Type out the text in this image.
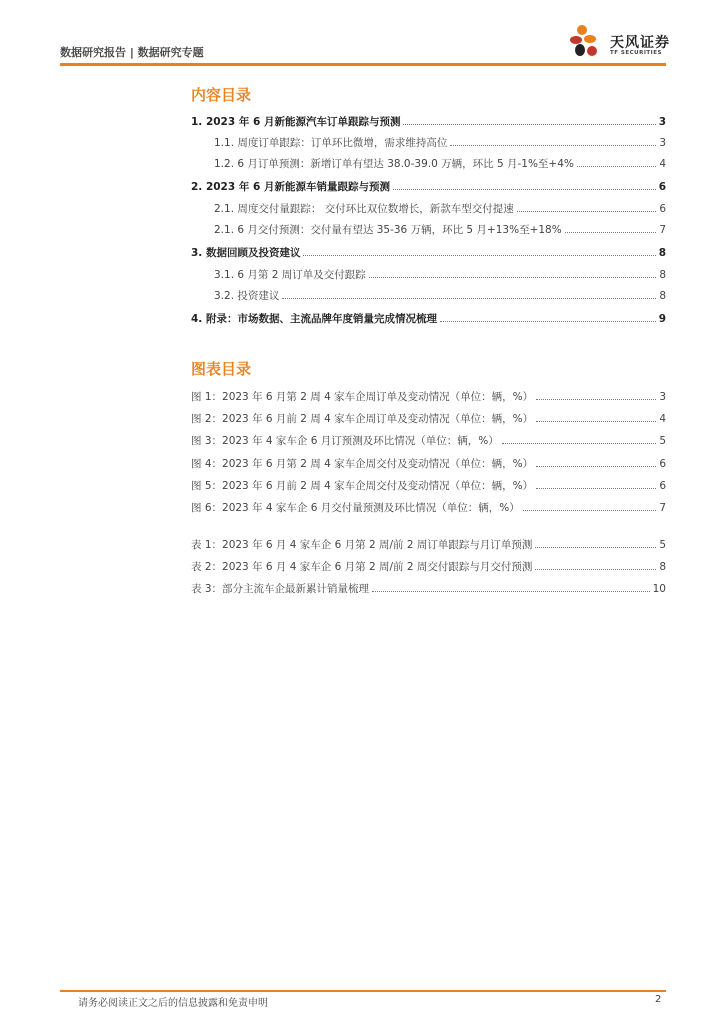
数据研究报告 | 数据研究专题
天风证券
TF SECURITIES
内容目录
1. 2023 年 6 月新能源汽车订单跟踪与预测	3
1.1. 周度订单跟踪：订单环比微增，需求维持高位	3
1.2. 6 月订单预测：新增订单有望达 38.0-39.0 万辆，环比 5 月-1%至+4%	4
2. 2023 年 6 月新能源车销量跟踪与预测	6
2.1. 周度交付量跟踪： 交付环比双位数增长，新款车型交付提速	6
2.1. 6 月交付预测：交付量有望达 35-36 万辆，环比 5 月+13%至+18%	7
3. 数据回顾及投资建议	8
3.1. 6 月第 2 周订单及交付跟踪	8
3.2. 投资建议	8
4. 附录：市场数据、主流品牌年度销量完成情况梳理	9
图表目录
图 1：2023 年 6 月第 2 周 4 家车企周订单及变动情况（单位：辆，%）	3
图 2：2023 年 6 月前 2 周 4 家车企周订单及变动情况（单位：辆，%）	4
图 3：2023 年 4 家车企 6 月订预测及环比情况（单位：辆，%）	5
图 4：2023 年 6 月第 2 周 4 家车企周交付及变动情况（单位：辆，%）	6
图 5：2023 年 6 月前 2 周 4 家车企周交付及变动情况（单位：辆，%）	6
图 6：2023 年 4 家车企 6 月交付量预测及环比情况（单位：辆，%）	7
表 1：2023 年 6 月 4 家车企 6 月第 2 周/前 2 周订单跟踪与月订单预测	5
表 2：2023 年 6 月 4 家车企 6 月第 2 周/前 2 周交付跟踪与月交付预测	8
表 3：部分主流车企最新累计销量梳理	10
请务必阅读正文之后的信息披露和免责申明	2
